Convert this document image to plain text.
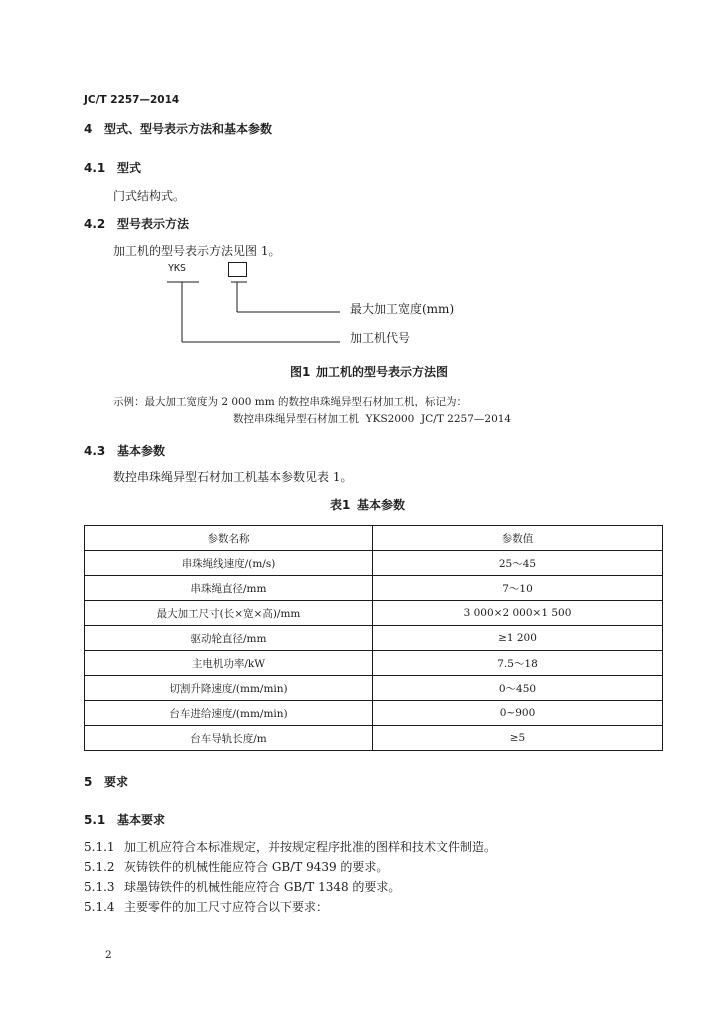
JC/T 2257—2014
4 型式、型号表示方法和基本参数
4.1 型式
门式结构式。
4.2 型号表示方法
加工机的型号表示方法见图 1。
YKS
最大加工宽度(mm)
加工机代号
图1 加工机的型号表示方法图
示例：最大加工宽度为 2 000 mm 的数控串珠绳异型石材加工机，标记为：
数控串珠绳异型石材加工机  YKS2000  JC/T 2257—2014
4.3 基本参数
数控串珠绳异型石材加工机基本参数见表 1。
表1 基本参数
参数名称	参数值
串珠绳线速度/(m/s)	25～45
串珠绳直径/mm	7～10
最大加工尺寸(长×宽×高)/mm	3 000×2 000×1 500
驱动轮直径/mm	≥1 200
主电机功率/kW	7.5～18
切割升降速度/(mm/min)	0～450
台车进给速度/(mm/min)	0~900
台车导轨长度/m	≥5
5 要求
5.1 基本要求
5.1.1 加工机应符合本标准规定，并按规定程序批准的图样和技术文件制造。
5.1.2 灰铸铁件的机械性能应符合 GB/T 9439 的要求。
5.1.3 球墨铸铁件的机械性能应符合 GB/T 1348 的要求。
5.1.4 主要零件的加工尺寸应符合以下要求：
2
